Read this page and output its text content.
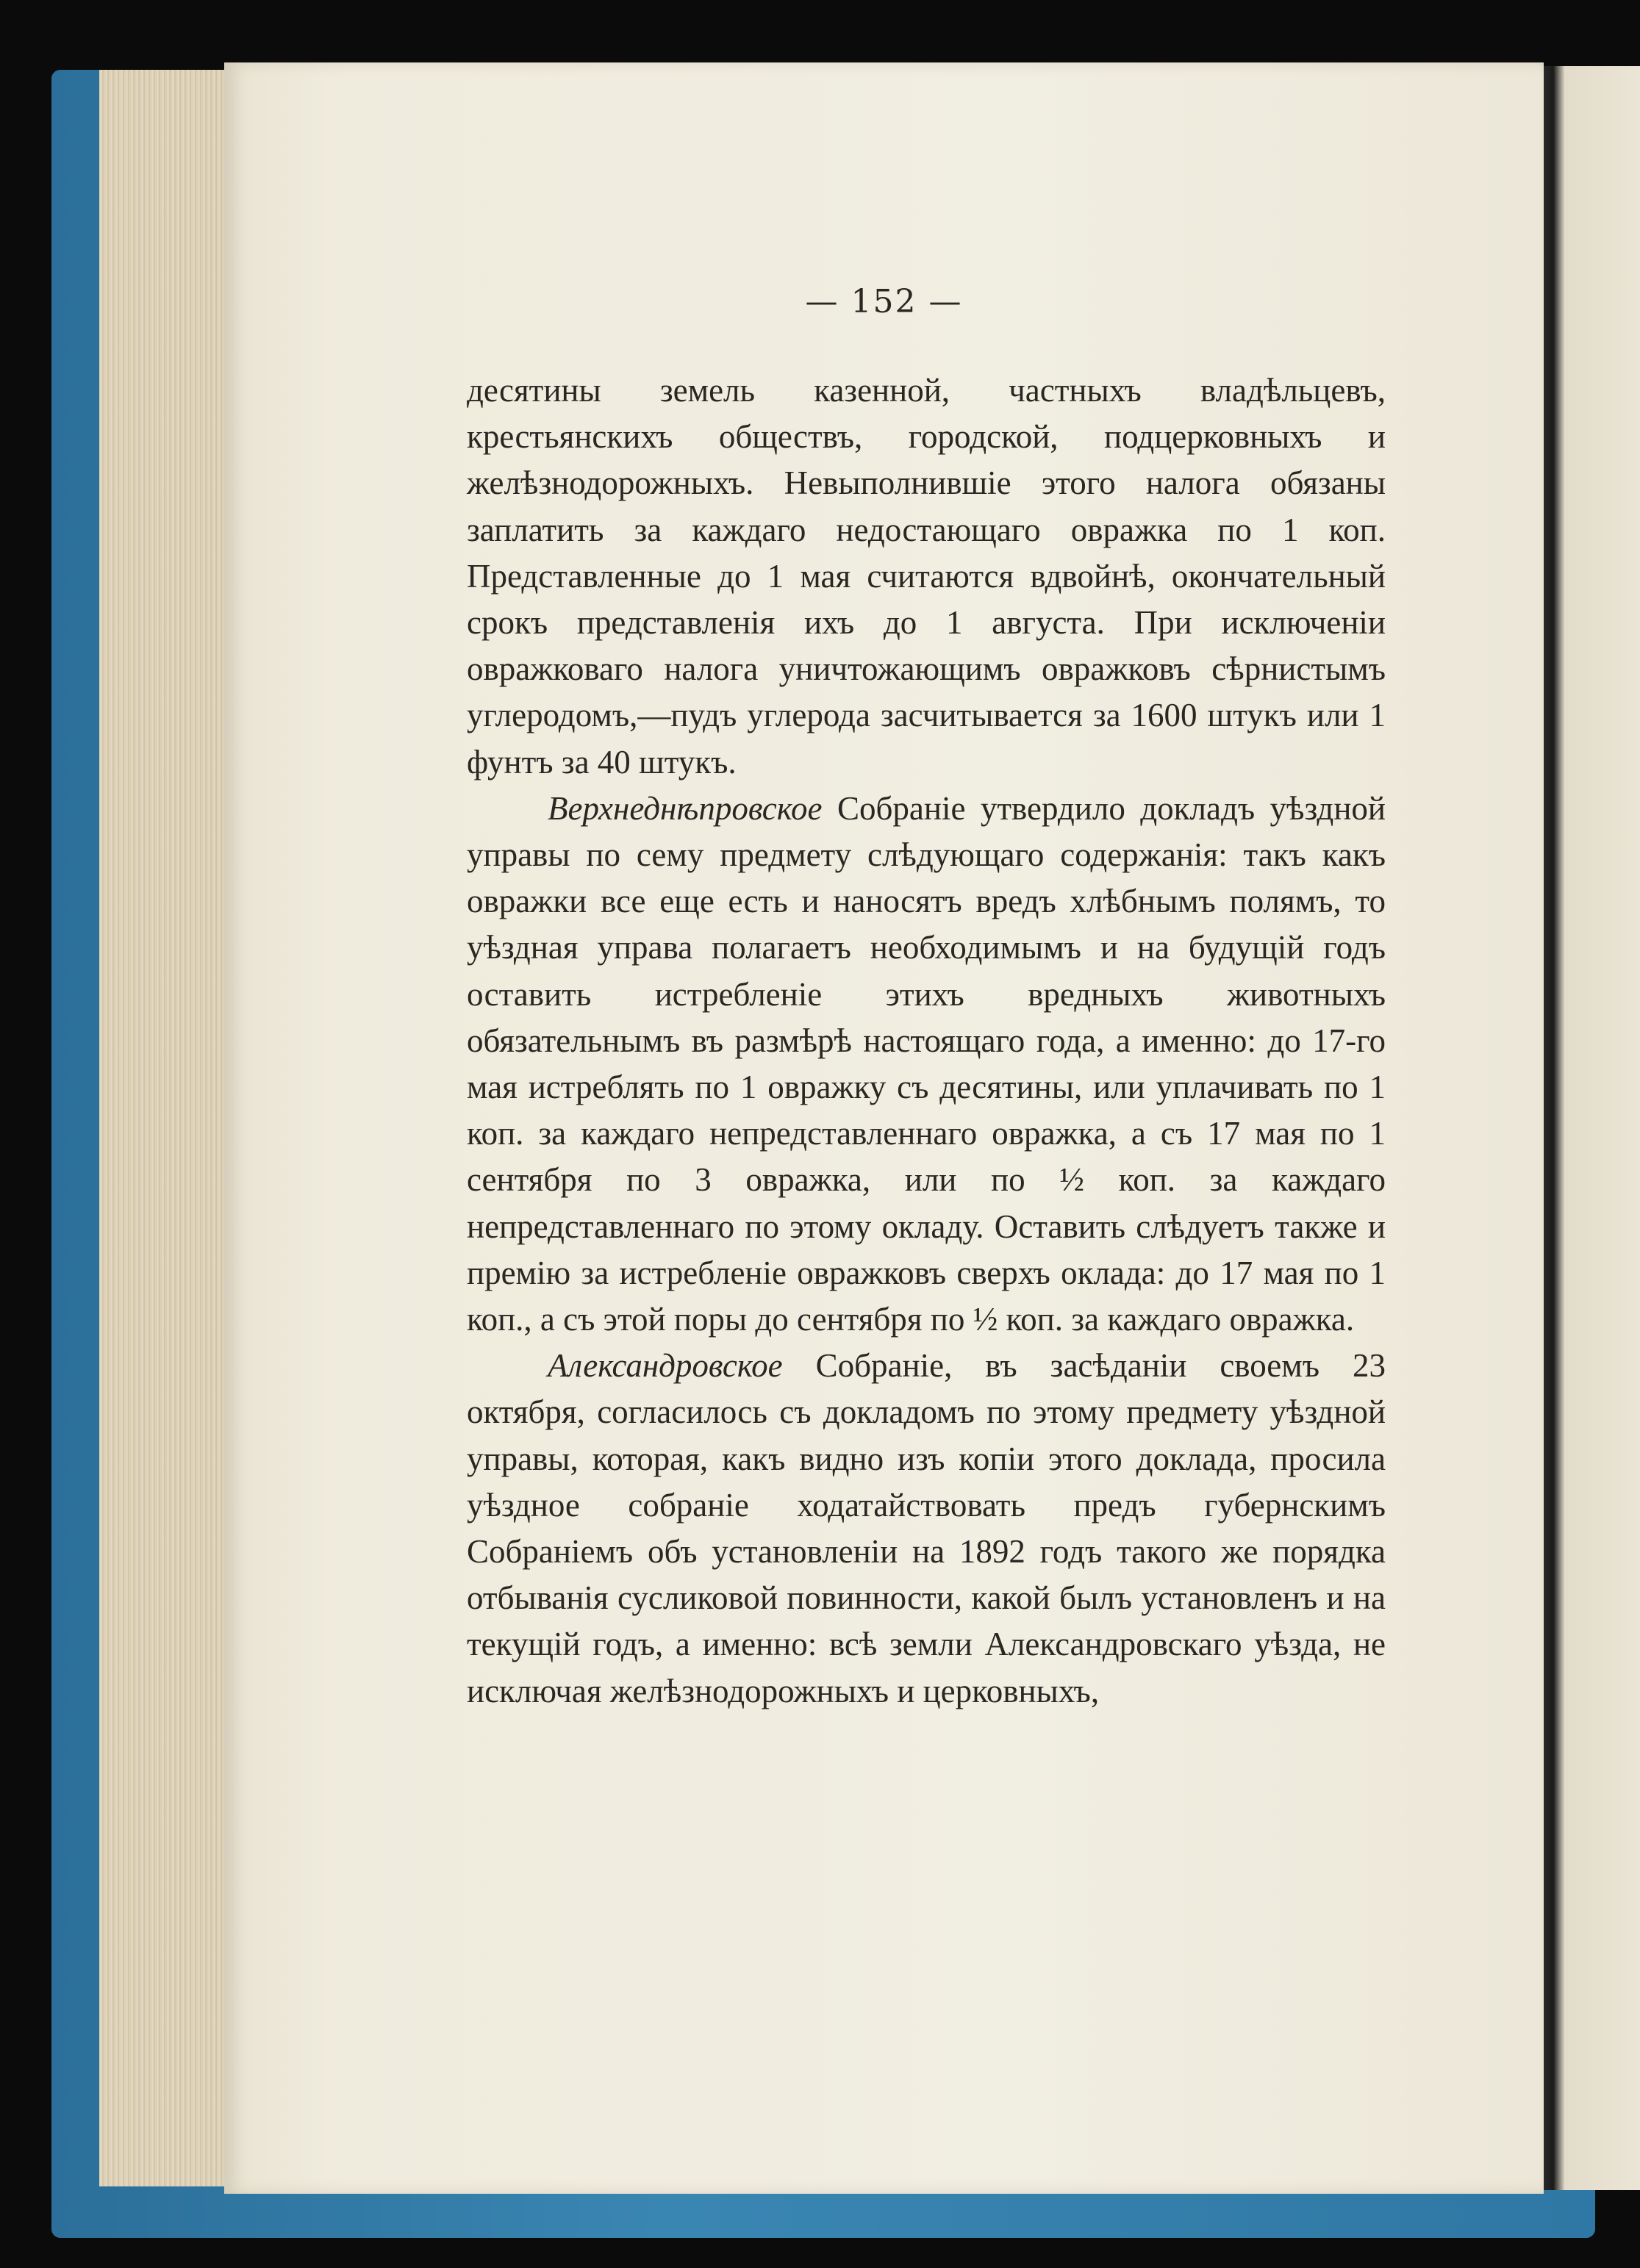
— 152 —

десятины земель казенной, частныхъ владѣльцевъ, крестьянскихъ обществъ, городской, подцерковныхъ и желѣзнодорожныхъ. Невыполнившіе этого налога обязаны заплатить за каждаго недостающаго овражка по 1 коп. Представленные до 1 мая считаются вдвойнѣ, окончательный срокъ представленія ихъ до 1 августа. При исключеніи овражковаго налога уничтожающимъ овражковъ сѣрнистымъ углеродомъ,—пудъ углерода засчитывается за 1600 штукъ или 1 фунтъ за 40 штукъ.

Верхнеднѣпровское Собраніе утвердило докладъ уѣздной управы по сему предмету слѣдующаго содержанія: такъ какъ овражки все еще есть и наносятъ вредъ хлѣбнымъ полямъ, то уѣздная управа полагаетъ необходимымъ и на будущій годъ оставить истребленіе этихъ вредныхъ животныхъ обязательнымъ въ размѣрѣ настоящаго года, а именно: до 17-го мая истреблять по 1 овражку съ десятины, или уплачивать по 1 коп. за каждаго непредставленнаго овражка, а съ 17 мая по 1 сентября по 3 овражка, или по ½ коп. за каждаго непредставленнаго по этому окладу. Оставить слѣдуетъ также и премію за истребленіе овражковъ сверхъ оклада: до 17 мая по 1 коп., а съ этой поры до сентября по ½ коп. за каждаго овражка.

Александровское Собраніе, въ засѣданіи своемъ 23 октября, согласилось съ докладомъ по этому предмету уѣздной управы, которая, какъ видно изъ копіи этого доклада, просила уѣздное собраніе ходатайствовать предъ губернскимъ Собраніемъ объ установленіи на 1892 годъ такого же порядка отбыванія сусликовой повинности, какой былъ установленъ и на текущій годъ, а именно: всѣ земли Александровскаго уѣзда, не исключая желѣзнодорожныхъ и церковныхъ,
